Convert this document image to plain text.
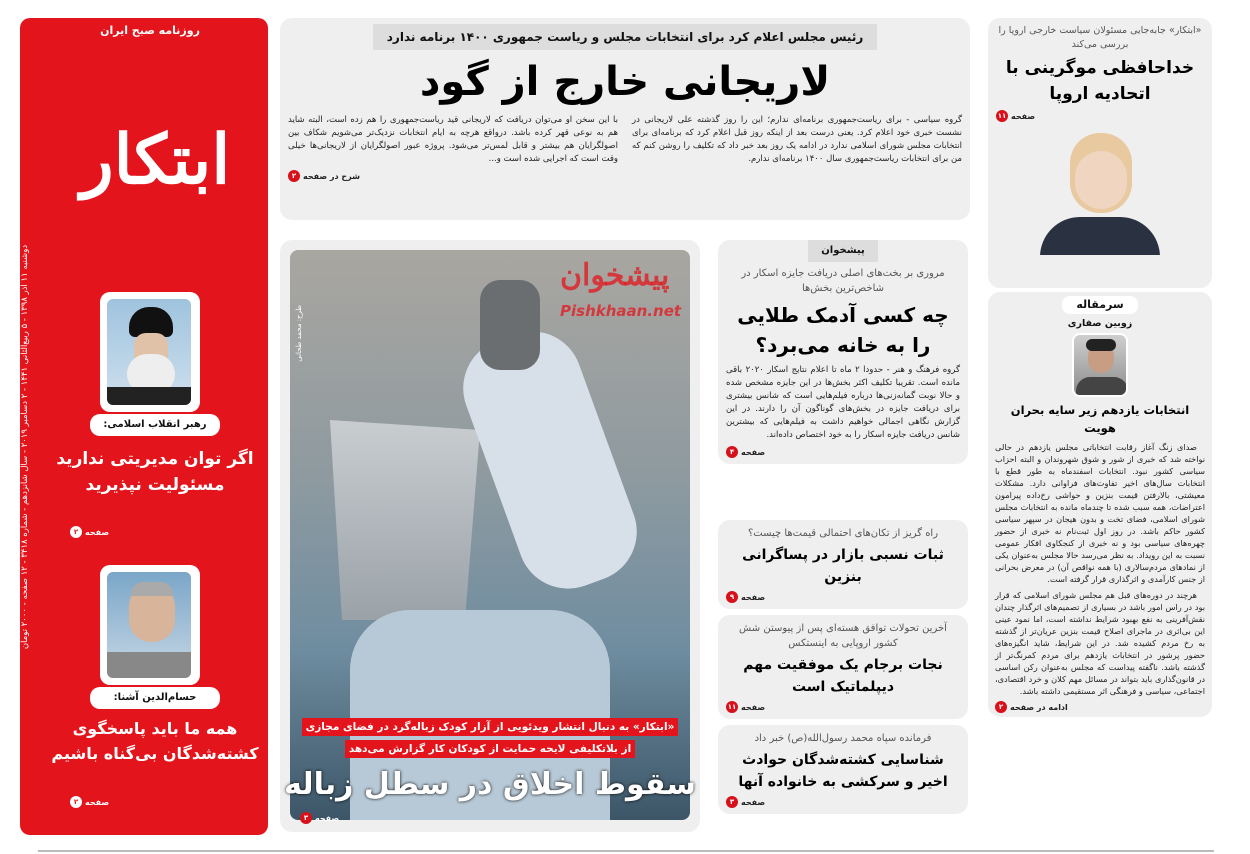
روزنامه صبح ایران
ابتکار
دوشنبه ۱۱ آذر ۱۳۹۸ - ۵ ربیع‌الثانی ۱۴۴۱ - ۲ دسامبر ۲۰۱۹ - سال شانزدهم - شماره ۳۴۱۸ - ۱۲ صفحه - ۲۰۰۰ تومان
رهبر انقلاب اسلامی:
اگر توان مدیریتی ندارید مسئولیت نپذیرید
صفحه
۲
حسام‌الدین آشنا:
همه ما باید پاسخگوی کشته‌شدگان بی‌گناه باشیم
صفحه
۲
رئیس مجلس اعلام کرد برای انتخابات مجلس و ریاست جمهوری ۱۴۰۰ برنامه ندارد
لاریجانی خارج از گود
گروه سیاسی - برای ریاست‌جمهوری برنامه‌ای ندارم؛ این را روز گذشته علی لاریجانی در نشست خبری خود اعلام کرد. یعنی درست بعد از اینکه روز قبل اعلام کرد که برنامه‌ای برای انتخابات مجلس شورای اسلامی ندارد در ادامه یک روز بعد خبر داد که تکلیف را روشن کنم که من برای انتخابات ریاست‌جمهوری سال ۱۴۰۰ برنامه‌ای ندارم.
با این سخن او می‌توان دریافت که لاریجانی قید ریاست‌جمهوری را هم زده است، البته شاید هم به نوعی قهر کرده باشد. درواقع هرچه به ایام انتخابات نزدیک‌تر می‌شویم شکاف بین اصولگرایان هم بیشتر و قابل لمس‌تر می‌شود. پروژه عبور اصولگرایان از لاریجانی‌ها خیلی وقت است که اجرایی شده است و...
شرح در صفحه
۲
پیشخوان
Pishkhaan.net
طرح: محمد طحانی
«ابتکار» به دنبال انتشار ویدئویی از آزار کودک زباله‌گرد در فضای مجازی
از بلاتکلیفی لایحه حمایت از کودکان کار گزارش می‌دهد
سقوط اخلاق در سطل زباله
صفحه
۳
پیشخوان
مروری بر بخت‌های اصلی دریافت جایزه اسکار در شاخص‌ترین بخش‌ها
چه کسی آدمک طلایی را به خانه می‌برد؟
گروه فرهنگ و هنر - حدودا ۲ ماه تا اعلام نتایج اسکار ۲۰۲۰ باقی مانده است. تقریبا تکلیف اکثر بخش‌ها در این جایزه مشخص شده و حالا نوبت گمانه‌زنی‌ها درباره فیلم‌هایی است که شانس بیشتری برای دریافت جایزه در بخش‌های گوناگون آن را دارند. در این گزارش نگاهی اجمالی خواهیم داشت به فیلم‌هایی که بیشترین شانس دریافت جایزه اسکار را به خود اختصاص داده‌اند.
صفحه
۴
راه گریز از تکان‌های احتمالی قیمت‌ها چیست؟
ثبات نسبی بازار در پساگرانی بنزین
صفحه
۹
آخرین تحولات توافق هسته‌ای پس از پیوستن شش کشور اروپایی به اینستکس
نجات برجام یک موفقیت مهم دیپلماتیک است
صفحه
۱۱
فرمانده سپاه محمد رسول‌الله(ص) خبر داد
شناسایی کشته‌شدگان حوادث اخیر و سرکشی به خانواده آنها
صفحه
۳
«ابتکار» جابه‌جایی مسئولان سیاست خارجی اروپا را بررسی می‌کند
خداحافظی موگرینی با اتحادیه اروپا
صفحه
۱۱
سرمقاله
زوبین صفاری
انتخابات یازدهم زیر سایه بحران هویت
صدای زنگ آغاز رقابت انتخاباتی مجلس یازدهم در حالی نواخته شد که خبری از شور و شوق شهروندان و البته احزاب سیاسی کشور نبود. انتخابات اسفندماه به طور قطع با انتخابات سال‌های اخیر تفاوت‌های فراوانی دارد. مشکلات معیشتی، بالارفتن قیمت بنزین و حواشی رخ‌داده پیرامون اعتراضات، همه سبب شده تا چندماه مانده به انتخابات مجلس شورای اسلامی، فضای تخت و بدون هیجان در سپهر سیاسی کشور حاکم باشد. در روز اول ثبت‌نام نه خبری از حضور چهره‌های سیاسی بود و نه خبری از کنجکاوی افکار عمومی نسبت به این رویداد. به نظر می‌رسد حالا مجلس به‌عنوان یکی از نمادهای مردم‌سالاری (با همه نواقص آن) در معرض بحرانی از جنس کارآمدی و اثرگذاری قرار گرفته است.
هرچند در دوره‌های قبل هم مجلس شورای اسلامی که قرار بود در راس امور باشد در بسیاری از تصمیم‌های اثرگذار چندان نقش‌آفرینی به نفع بهبود شرایط نداشته است، اما نمود عینی این بی‌اثری در ماجرای اصلاح قیمت بنزین عریان‌تر از گذشته به رخ مردم کشیده شد. در این شرایط، شاید انگیزه‌های حضور پرشور در انتخابات یازدهم برای مردم کمرنگ‌تر از گذشته باشد. ناگفته پیداست که مجلس به‌عنوان رکن اساسی در قانون‌گذاری باید بتواند در مسائل مهم کلان و خرد اقتصادی، اجتماعی، سیاسی و فرهنگی اثر مستقیمی داشته باشد.
ادامه در صفحه
۲
